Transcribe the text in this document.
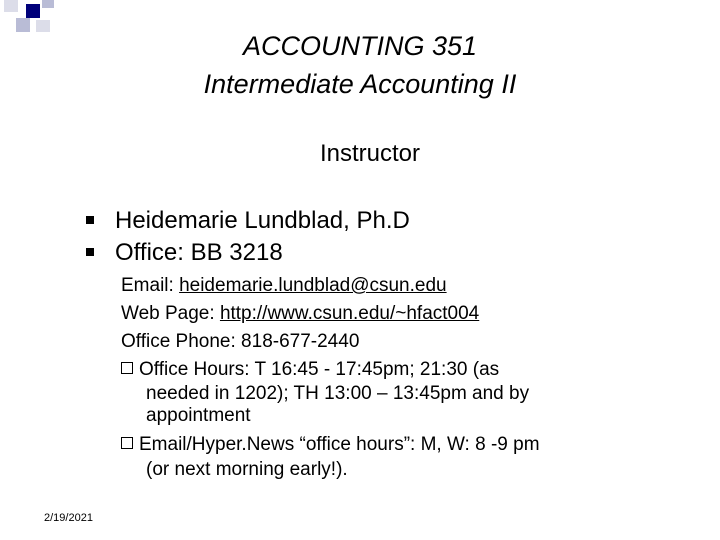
ACCOUNTING 351
Intermediate Accounting II
Instructor
Heidemarie Lundblad, Ph.D
Office: BB 3218
Email: heidemarie.lundblad@csun.edu
Web Page: http://www.csun.edu/~hfact004
Office Phone: 818-677-2440
Office Hours: T 16:45 - 17:45pm; 21:30 (as
needed in 1202); TH 13:00 – 13:45pm and by
appointment
Email/Hyper.News “office hours”: M, W: 8 -9 pm
(or next morning early!).
2/19/2021
